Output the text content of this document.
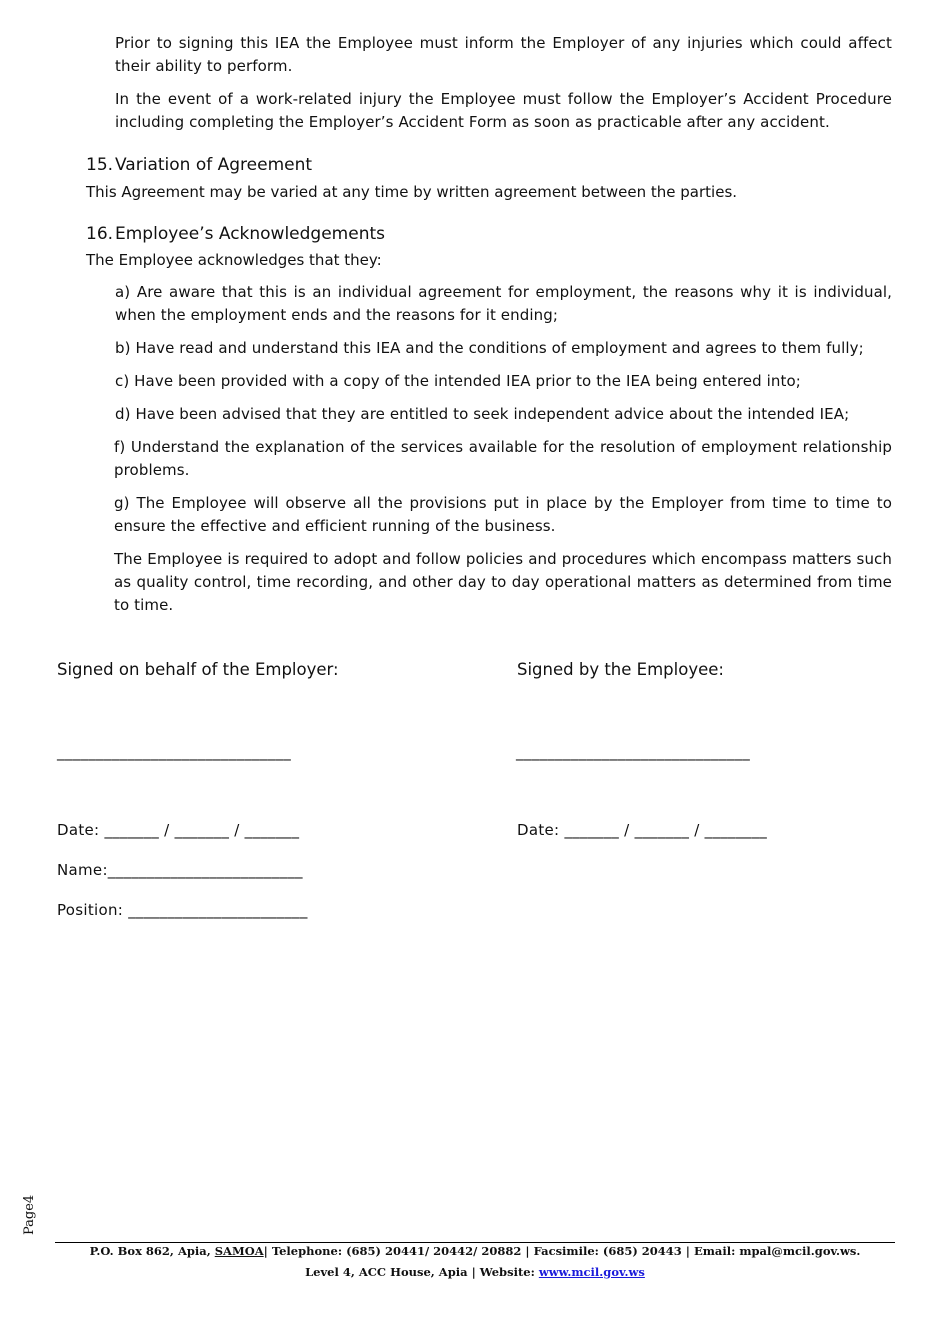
Prior to signing this IEA the Employee must inform the Employer of any injuries which could affect their ability to perform.

In the event of a work-related injury the Employee must follow the Employer’s Accident Procedure including completing the Employer’s Accident Form as soon as practicable after any accident.

15. Variation of Agreement

This Agreement may be varied at any time by written agreement between the parties.

16. Employee’s Acknowledgements

The Employee acknowledges that they:

a) Are aware that this is an individual agreement for employment, the reasons why it is individual, when the employment ends and the reasons for it ending;

b) Have read and understand this IEA and the conditions of employment and agrees to them fully;

c) Have been provided with a copy of the intended IEA prior to the IEA being entered into;

d) Have been advised that they are entitled to seek independent advice about the intended IEA;

f) Understand the explanation of the services available for the resolution of employment relationship problems.

g) The Employee will observe all the provisions put in place by the Employer from time to time to ensure the effective and efficient running of the business.

The Employee is required to adopt and follow policies and procedures which encompass matters such as quality control, time recording, and other day to day operational matters as determined from time to time.

Signed on behalf of the Employer:	Signed by the Employee:
______________________________	______________________________
Date: _______ / _______ / _______	Date: _______ / _______ / ________
Name:_________________________
Position: _______________________
Page4
P.O. Box 862, Apia, SAMOA| Telephone: (685) 20441/ 20442/ 20882 | Facsimile: (685) 20443 | Email: mpal@mcil.gov.ws.
Level 4, ACC House, Apia | Website: www.mcil.gov.ws
